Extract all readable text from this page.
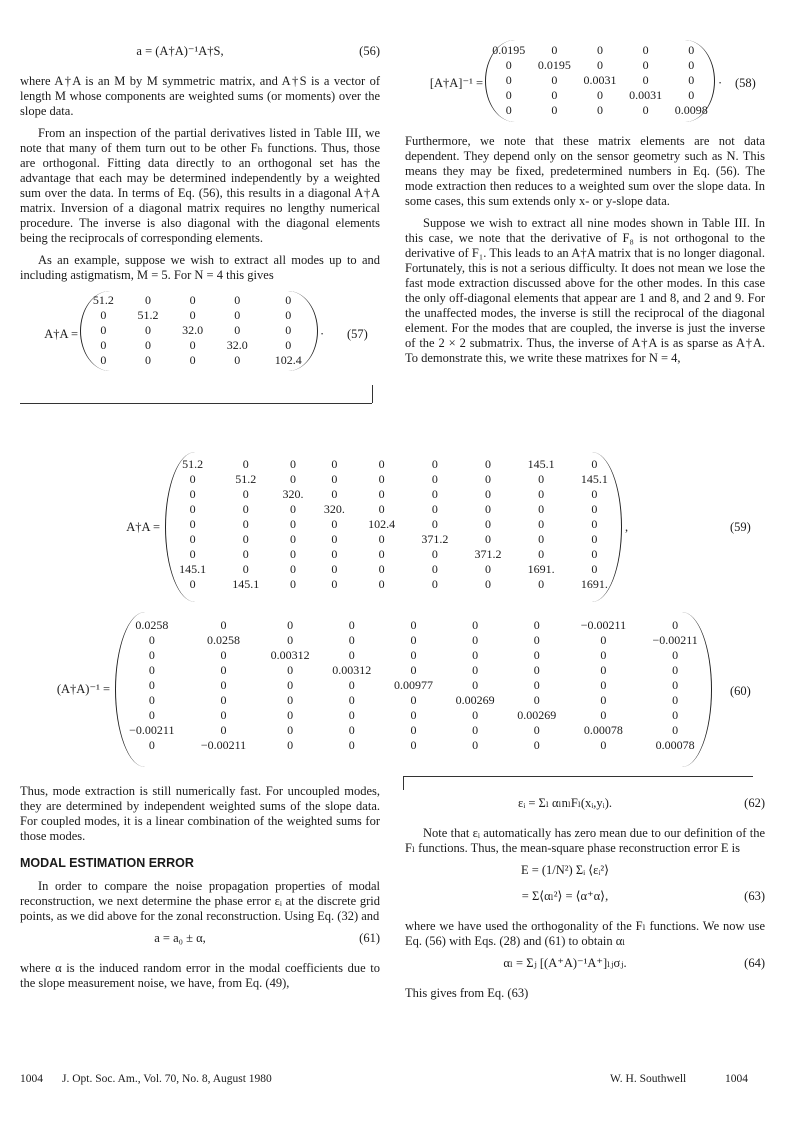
a = (A†A)⁻¹A†S,	(56)

where A†A is an M by M symmetric matrix, and A†S is a vector of length M whose components are weighted sums (or moments) over the slope data.

From an inspection of the partial derivatives listed in Table III, we note that many of them turn out to be other Fₕ functions. Thus, those are orthogonal. Fitting data directly to an orthogonal set has the advantage that each may be determined independently by a weighted sum over the data. In terms of Eq. (56), this results in a diagonal A†A matrix. Inversion of a diagonal matrix requires no lengthy numerical procedure. The inverse is also diagonal with the diagonal elements being the reciprocals of corresponding elements.

As an example, suppose we wish to extract all modes up to and including astigmatism, M = 5. For N = 4 this gives

A†A =
51.2	0	0	0	0
0	51.2	0	0	0
0	0	32.0	0	0
0	0	0	32.0	0
0	0	0	0	102.4
· (57)
[A†A]⁻¹ =
0.0195	0	0	0	0
0	0.0195	0	0	0
0	0	0.0031	0	0
0	0	0	0.0031	0
0	0	0	0	0.0098
· (58)

Furthermore, we note that these matrix elements are not data dependent. They depend only on the sensor geometry such as N. This means they may be fixed, predetermined numbers in Eq. (56). The mode extraction then reduces to a weighted sum over the slope data. In some cases, this sum extends only x- or y-slope data.

Suppose we wish to extract all nine modes shown in Table III. In this case, we note that the derivative of F₈ is not orthogonal to the derivative of F₁. This leads to an A†A matrix that is no longer diagonal. Fortunately, this is not a serious difficulty. It does not mean we lose the fast mode extraction discussed above for the other modes. In this case the only off-diagonal elements that appear are 1 and 8, and 2 and 9. For the unaffected modes, the inverse is still the reciprocal of the diagonal element. For the modes that are coupled, the inverse is just the inverse of the 2 × 2 submatrix. Thus, the inverse of A†A is as sparse as A†A. To demonstrate this, we write these matrixes for N = 4,

A†A =
51.2	0	0	0	0	0	0	145.1	0
0	51.2	0	0	0	0	0	0	145.1
0	0	320.	0	0	0	0	0	0
0	0	0	320.	0	0	0	0	0
0	0	0	0	102.4	0	0	0	0
0	0	0	0	0	371.2	0	0	0
0	0	0	0	0	0	371.2	0	0
145.1	0	0	0	0	0	0	1691.	0
0	145.1	0	0	0	0	0	0	1691.
,	(59)
(A†A)⁻¹ =
0.0258	0	0	0	0	0	0	−0.00211	0
0	0.0258	0	0	0	0	0	0	−0.00211
0	0	0.00312	0	0	0	0	0	0
0	0	0	0.00312	0	0	0	0	0
0	0	0	0	0.00977	0	0	0	0
0	0	0	0	0	0.00269	0	0	0
0	0	0	0	0	0	0.00269	0	0
−0.00211	0	0	0	0	0	0	0.00078	0
0	−0.00211	0	0	0	0	0	0	0.00078
(60)

Thus, mode extraction is still numerically fast. For uncoupled modes, they are determined by independent weighted sums of the slope data. For coupled modes, it is a linear combination of the weighted sums for those modes.

MODAL ESTIMATION ERROR

In order to compare the noise propagation properties of modal reconstruction, we next determine the phase error εᵢ at the discrete grid points, as we did above for the zonal reconstruction. Using Eq. (32) and

a = a₀ ± α,	(61)

where α is the induced random error in the modal coefficients due to the slope measurement noise, we have, from Eq. (49),

εᵢ = Σₗ αₗnₗFₗ(xᵢ,yᵢ).	(62)

Note that εᵢ automatically has zero mean due to our definition of the Fₗ functions. Thus, the mean-square phase reconstruction error E is

E = (1/N²) Σᵢ ⟨εᵢ²⟩
= Σ⟨αₗ²⟩ = ⟨α⁺α⟩,	(63)

where we have used the orthogonality of the Fₗ functions. We now use Eq. (56) with Eqs. (28) and (61) to obtain αₗ

αₗ = Σⱼ [(A⁺A)⁻¹A⁺]ₗⱼσⱼ.	(64)

This gives from Eq. (63)

1004 J. Opt. Soc. Am., Vol. 70, No. 8, August 1980	W. H. Southwell	1004
